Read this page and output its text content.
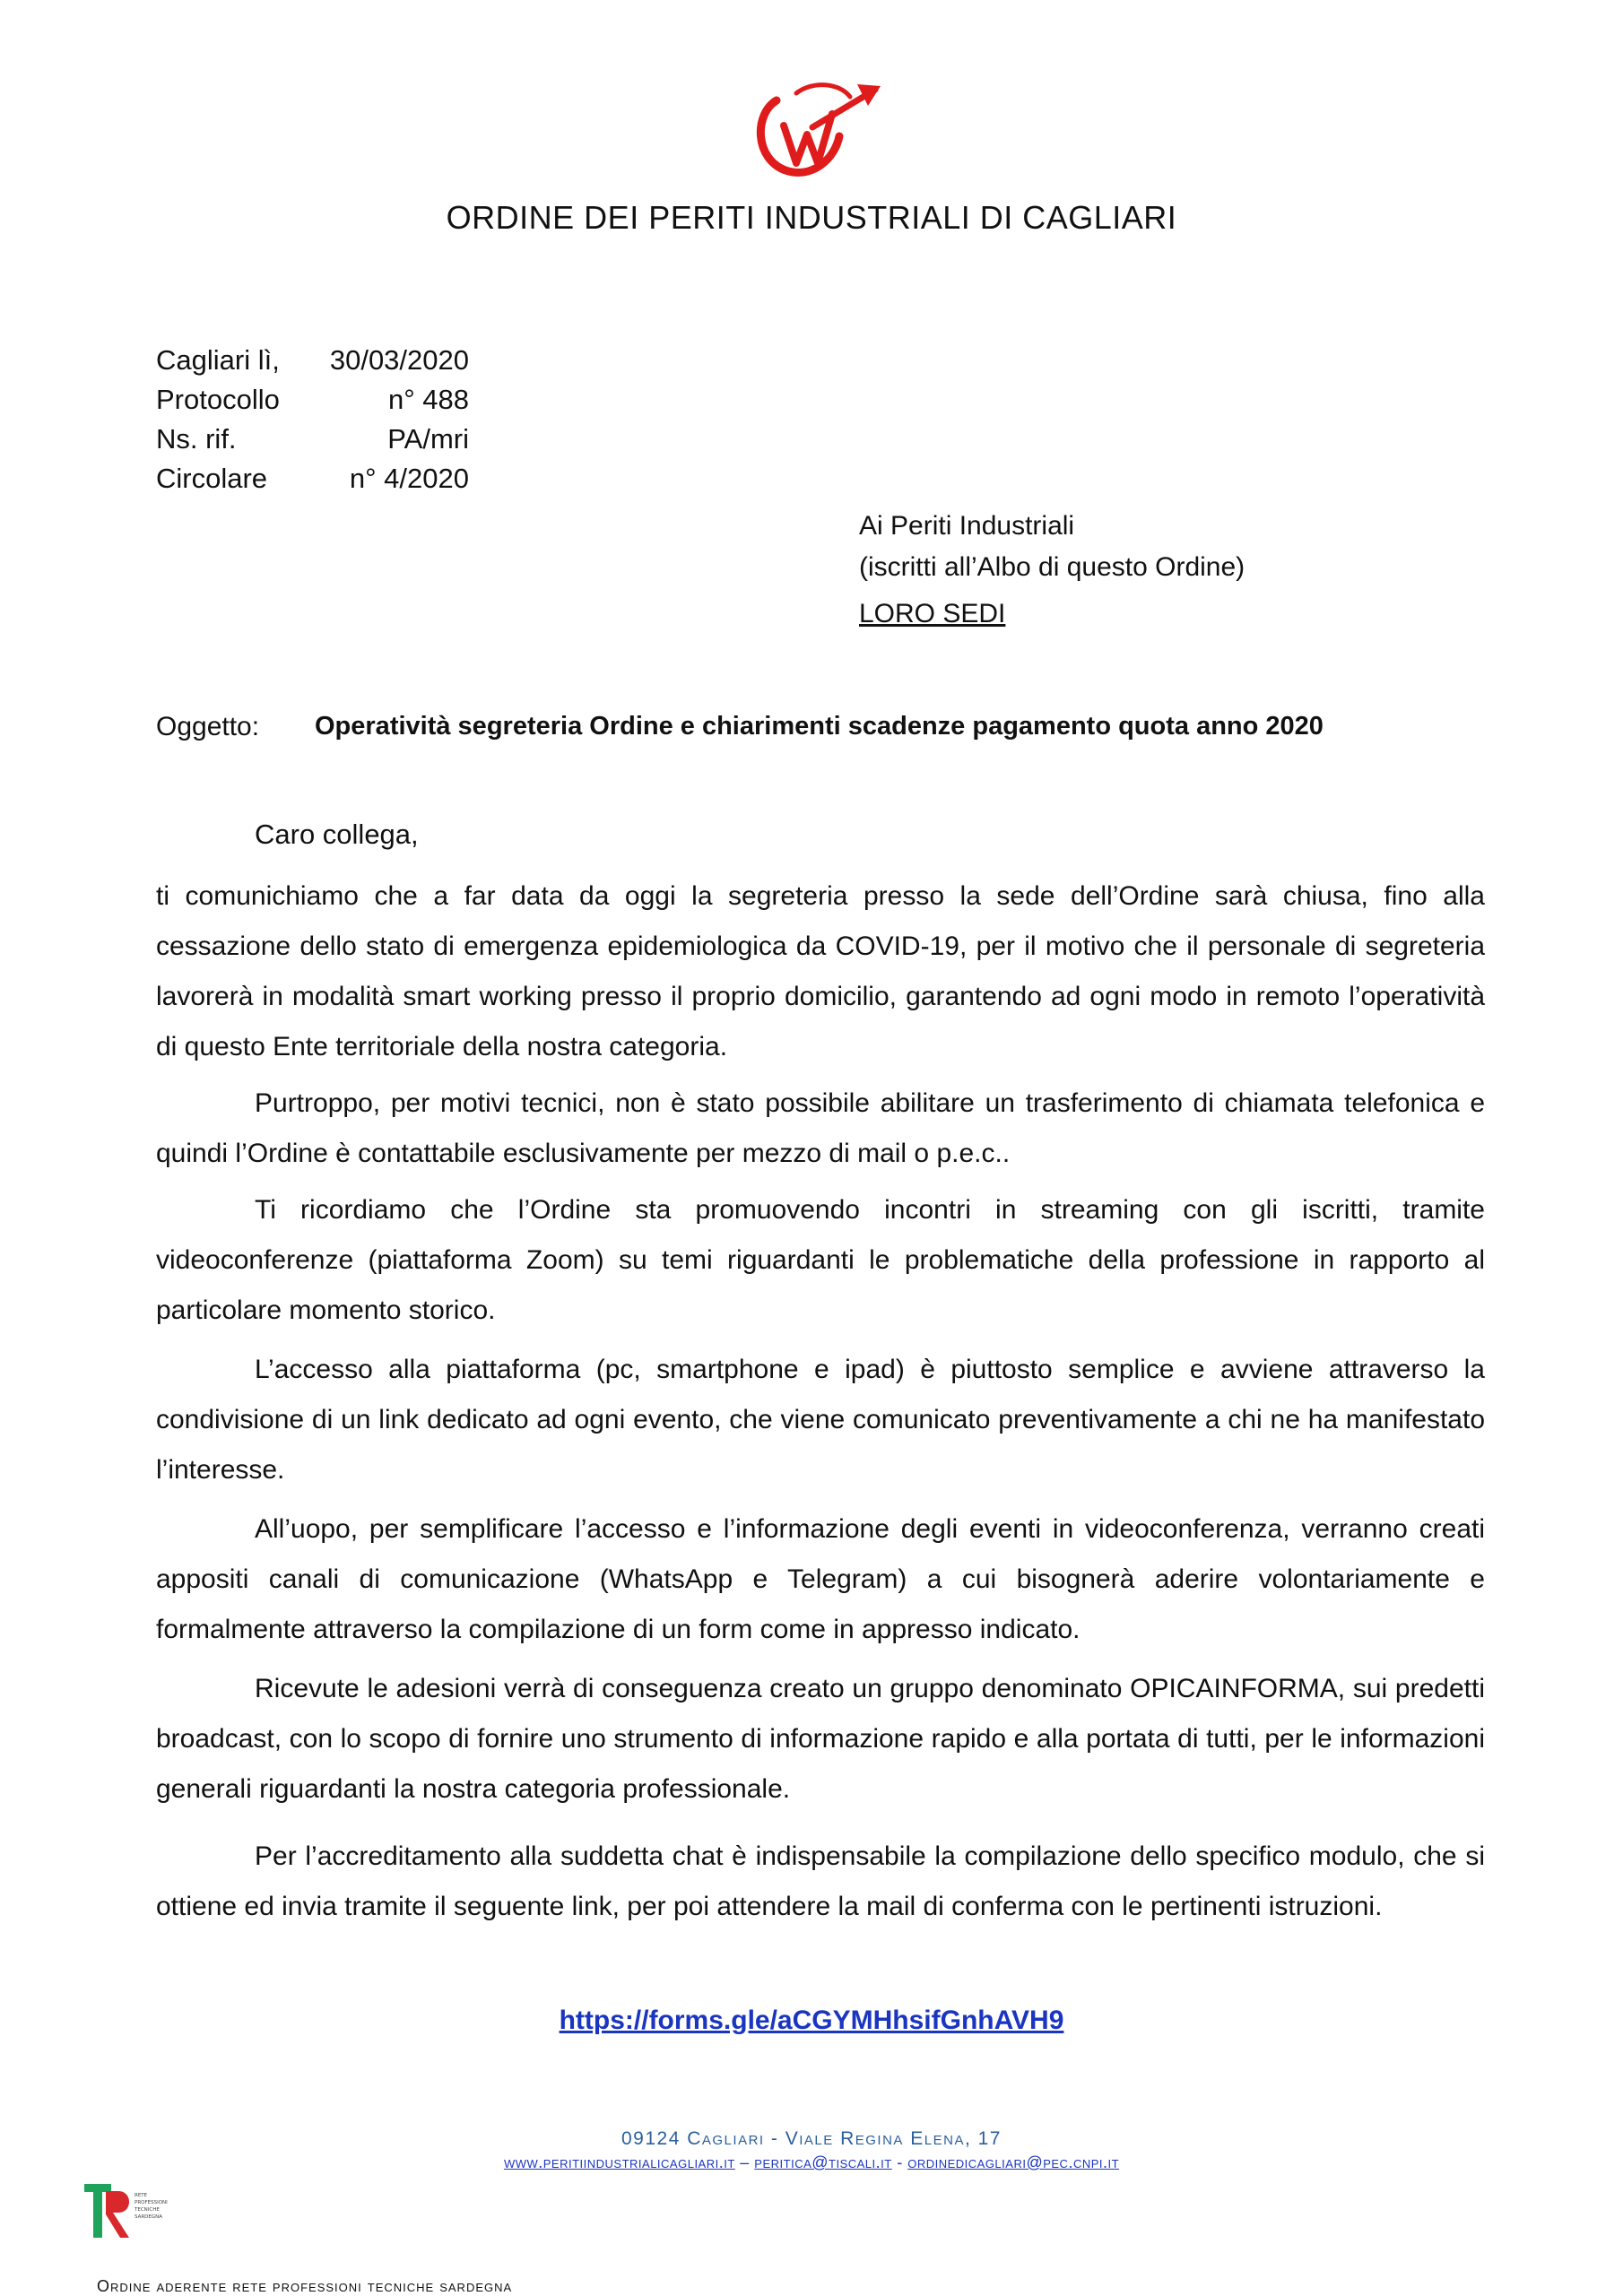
ORDINE DEI PERITI INDUSTRIALI DI CAGLIARI
Cagliari lì,	30/03/2020
Protocollo	n° 488
Ns. rif.	PA/mri
Circolare	n° 4/2020
Ai Periti Industriali
(iscritti all’Albo di questo Ordine)
LORO SEDI
Oggetto: Operatività segreteria Ordine e chiarimenti scadenze pagamento quota anno 2020
Caro collega,

ti comunichiamo che a far data da oggi la segreteria presso la sede dell’Ordine sarà chiusa, fino alla cessazione dello stato di emergenza epidemiologica da COVID-19, per il motivo che il personale di segreteria lavorerà in modalità smart working presso il proprio domicilio, garantendo ad ogni modo in remoto l’operatività di questo Ente territoriale della nostra categoria.

Purtroppo, per motivi tecnici, non è stato possibile abilitare un trasferimento di chiamata telefonica e quindi l’Ordine è contattabile esclusivamente per mezzo di mail o p.e.c..

Ti ricordiamo che l’Ordine sta promuovendo incontri in streaming con gli iscritti, tramite videoconferenze (piattaforma Zoom) su temi riguardanti le problematiche della professione in rapporto al particolare momento storico.

L’accesso alla piattaforma (pc, smartphone e ipad) è piuttosto semplice e avviene attraverso la condivisione di un link dedicato ad ogni evento, che viene comunicato preventivamente a chi ne ha manifestato l’interesse.

All’uopo, per semplificare l’accesso e l’informazione degli eventi in videoconferenza, verranno creati appositi canali di comunicazione (WhatsApp e Telegram) a cui bisognerà aderire volontariamente e formalmente attraverso la compilazione di un form come in appresso indicato.

Ricevute le adesioni verrà di conseguenza creato un gruppo denominato OPICAINFORMA, sui predetti broadcast, con lo scopo di fornire uno strumento di informazione rapido e alla portata di tutti, per le informazioni generali riguardanti la nostra categoria professionale.

Per l’accreditamento alla suddetta chat è indispensabile la compilazione dello specifico modulo, che si ottiene ed invia tramite il seguente link, per poi attendere la mail di conferma con le pertinenti istruzioni.

https://forms.gle/aCGYMHhsifGnhAVH9
09124 Cagliari - Viale Regina Elena, 17
www.peritiindustrialicagliari.it – peritica@tiscali.it - ordinedicagliari@pec.cnpi.it
RETE
PROFESSIONI
TECNICHE
SARDEGNA
Ordine aderente rete professioni tecniche sardegna
